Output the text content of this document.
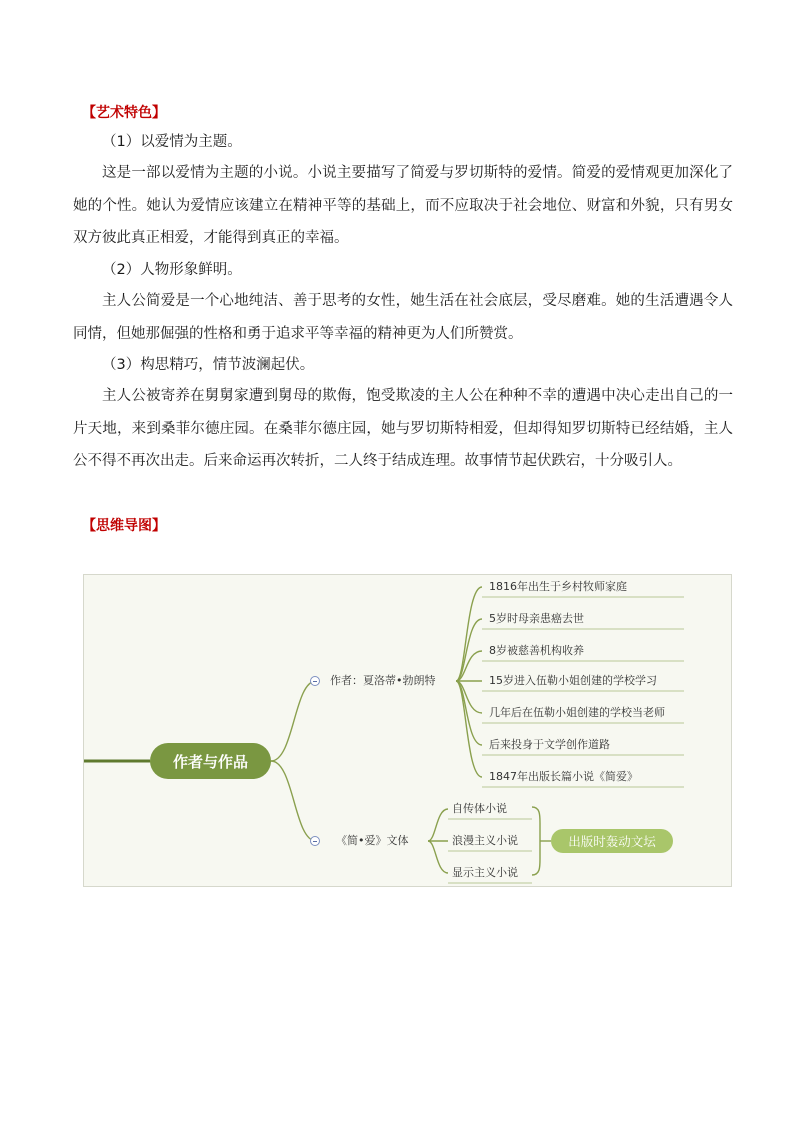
【艺术特色】
（1）以爱情为主题。

这是一部以爱情为主题的小说。小说主要描写了简爱与罗切斯特的爱情。简爱的爱情观更加深化了她的个性。她认为爱情应该建立在精神平等的基础上，而不应取决于社会地位、财富和外貌，只有男女双方彼此真正相爱，才能得到真正的幸福。

（2）人物形象鲜明。

主人公简爱是一个心地纯洁、善于思考的女性，她生活在社会底层，受尽磨难。她的生活遭遇令人同情，但她那倔强的性格和勇于追求平等幸福的精神更为人们所赞赏。

（3）构思精巧，情节波澜起伏。

主人公被寄养在舅舅家遭到舅母的欺侮，饱受欺凌的主人公在种种不幸的遭遇中决心走出自己的一片天地，来到桑菲尔德庄园。在桑菲尔德庄园，她与罗切斯特相爱，但却得知罗切斯特已经结婚，主人公不得不再次出走。后来命运再次转折，二人终于结成连理。故事情节起伏跌宕，十分吸引人。

【思维导图】
作者与作品
作者：夏洛蒂•勃朗特
《简•爱》文体
1816年出生于乡村牧师家庭
5岁时母亲患癌去世
8岁被慈善机构收养
15岁进入伍勒小姐创建的学校学习
几年后在伍勒小姐创建的学校当老师
后来投身于文学创作道路
1847年出版长篇小说《简爱》
自传体小说
浪漫主义小说
显示主义小说
出版时轰动文坛
